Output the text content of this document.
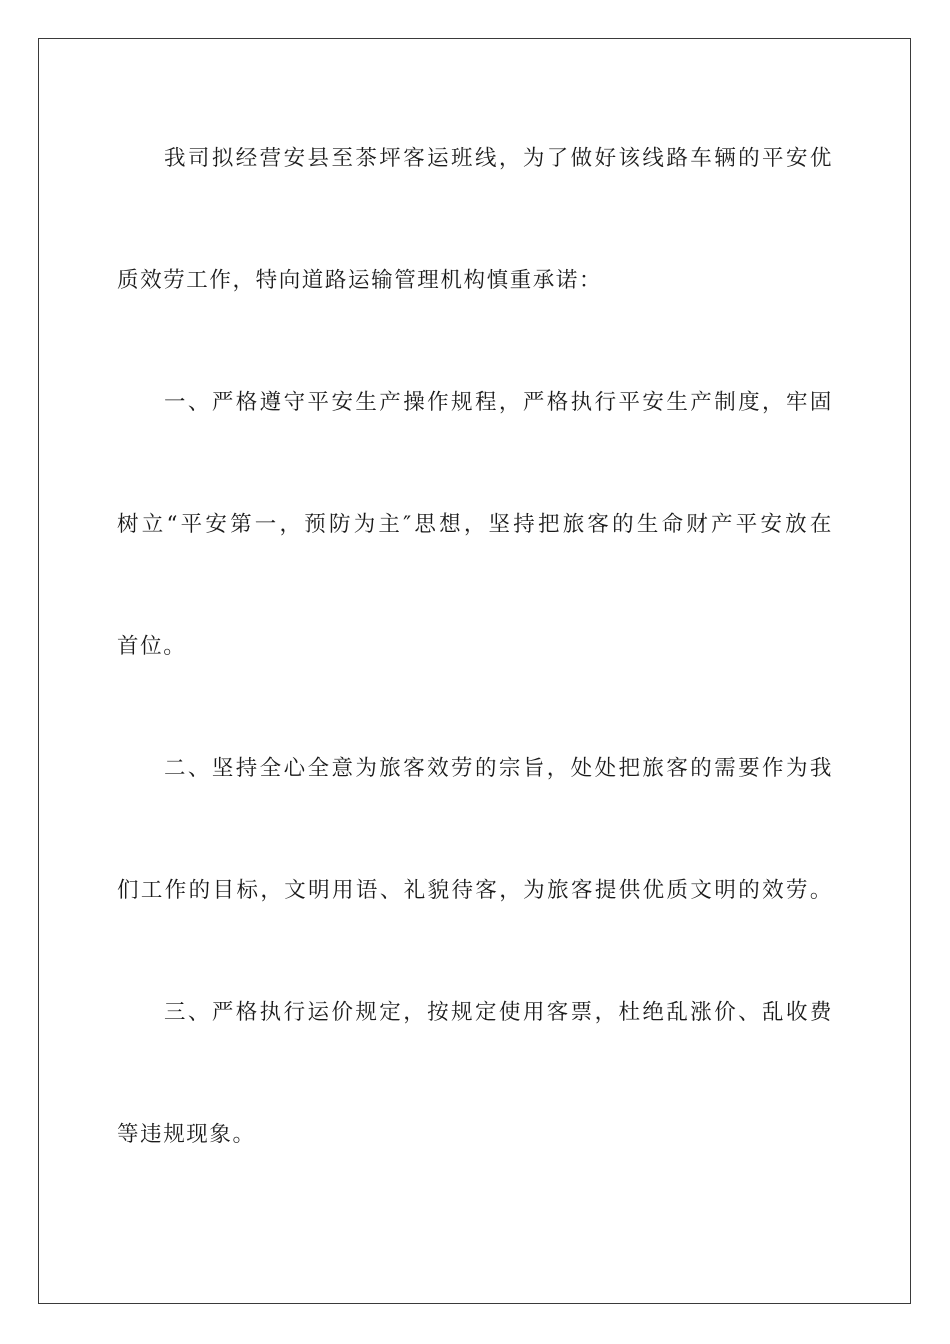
我司拟经营安县至茶坪客运班线，为了做好该线路车辆的平安优
质效劳工作，特向道路运输管理机构慎重承诺：
一、严格遵守平安生产操作规程，严格执行平安生产制度，牢固
树立“平安第一，预防为主″思想，坚持把旅客的生命财产平安放在
首位。
二、坚持全心全意为旅客效劳的宗旨，处处把旅客的需要作为我
们工作的目标，文明用语、礼貌待客，为旅客提供优质文明的效劳。
三、严格执行运价规定，按规定使用客票，杜绝乱涨价、乱收费
等违规现象。
